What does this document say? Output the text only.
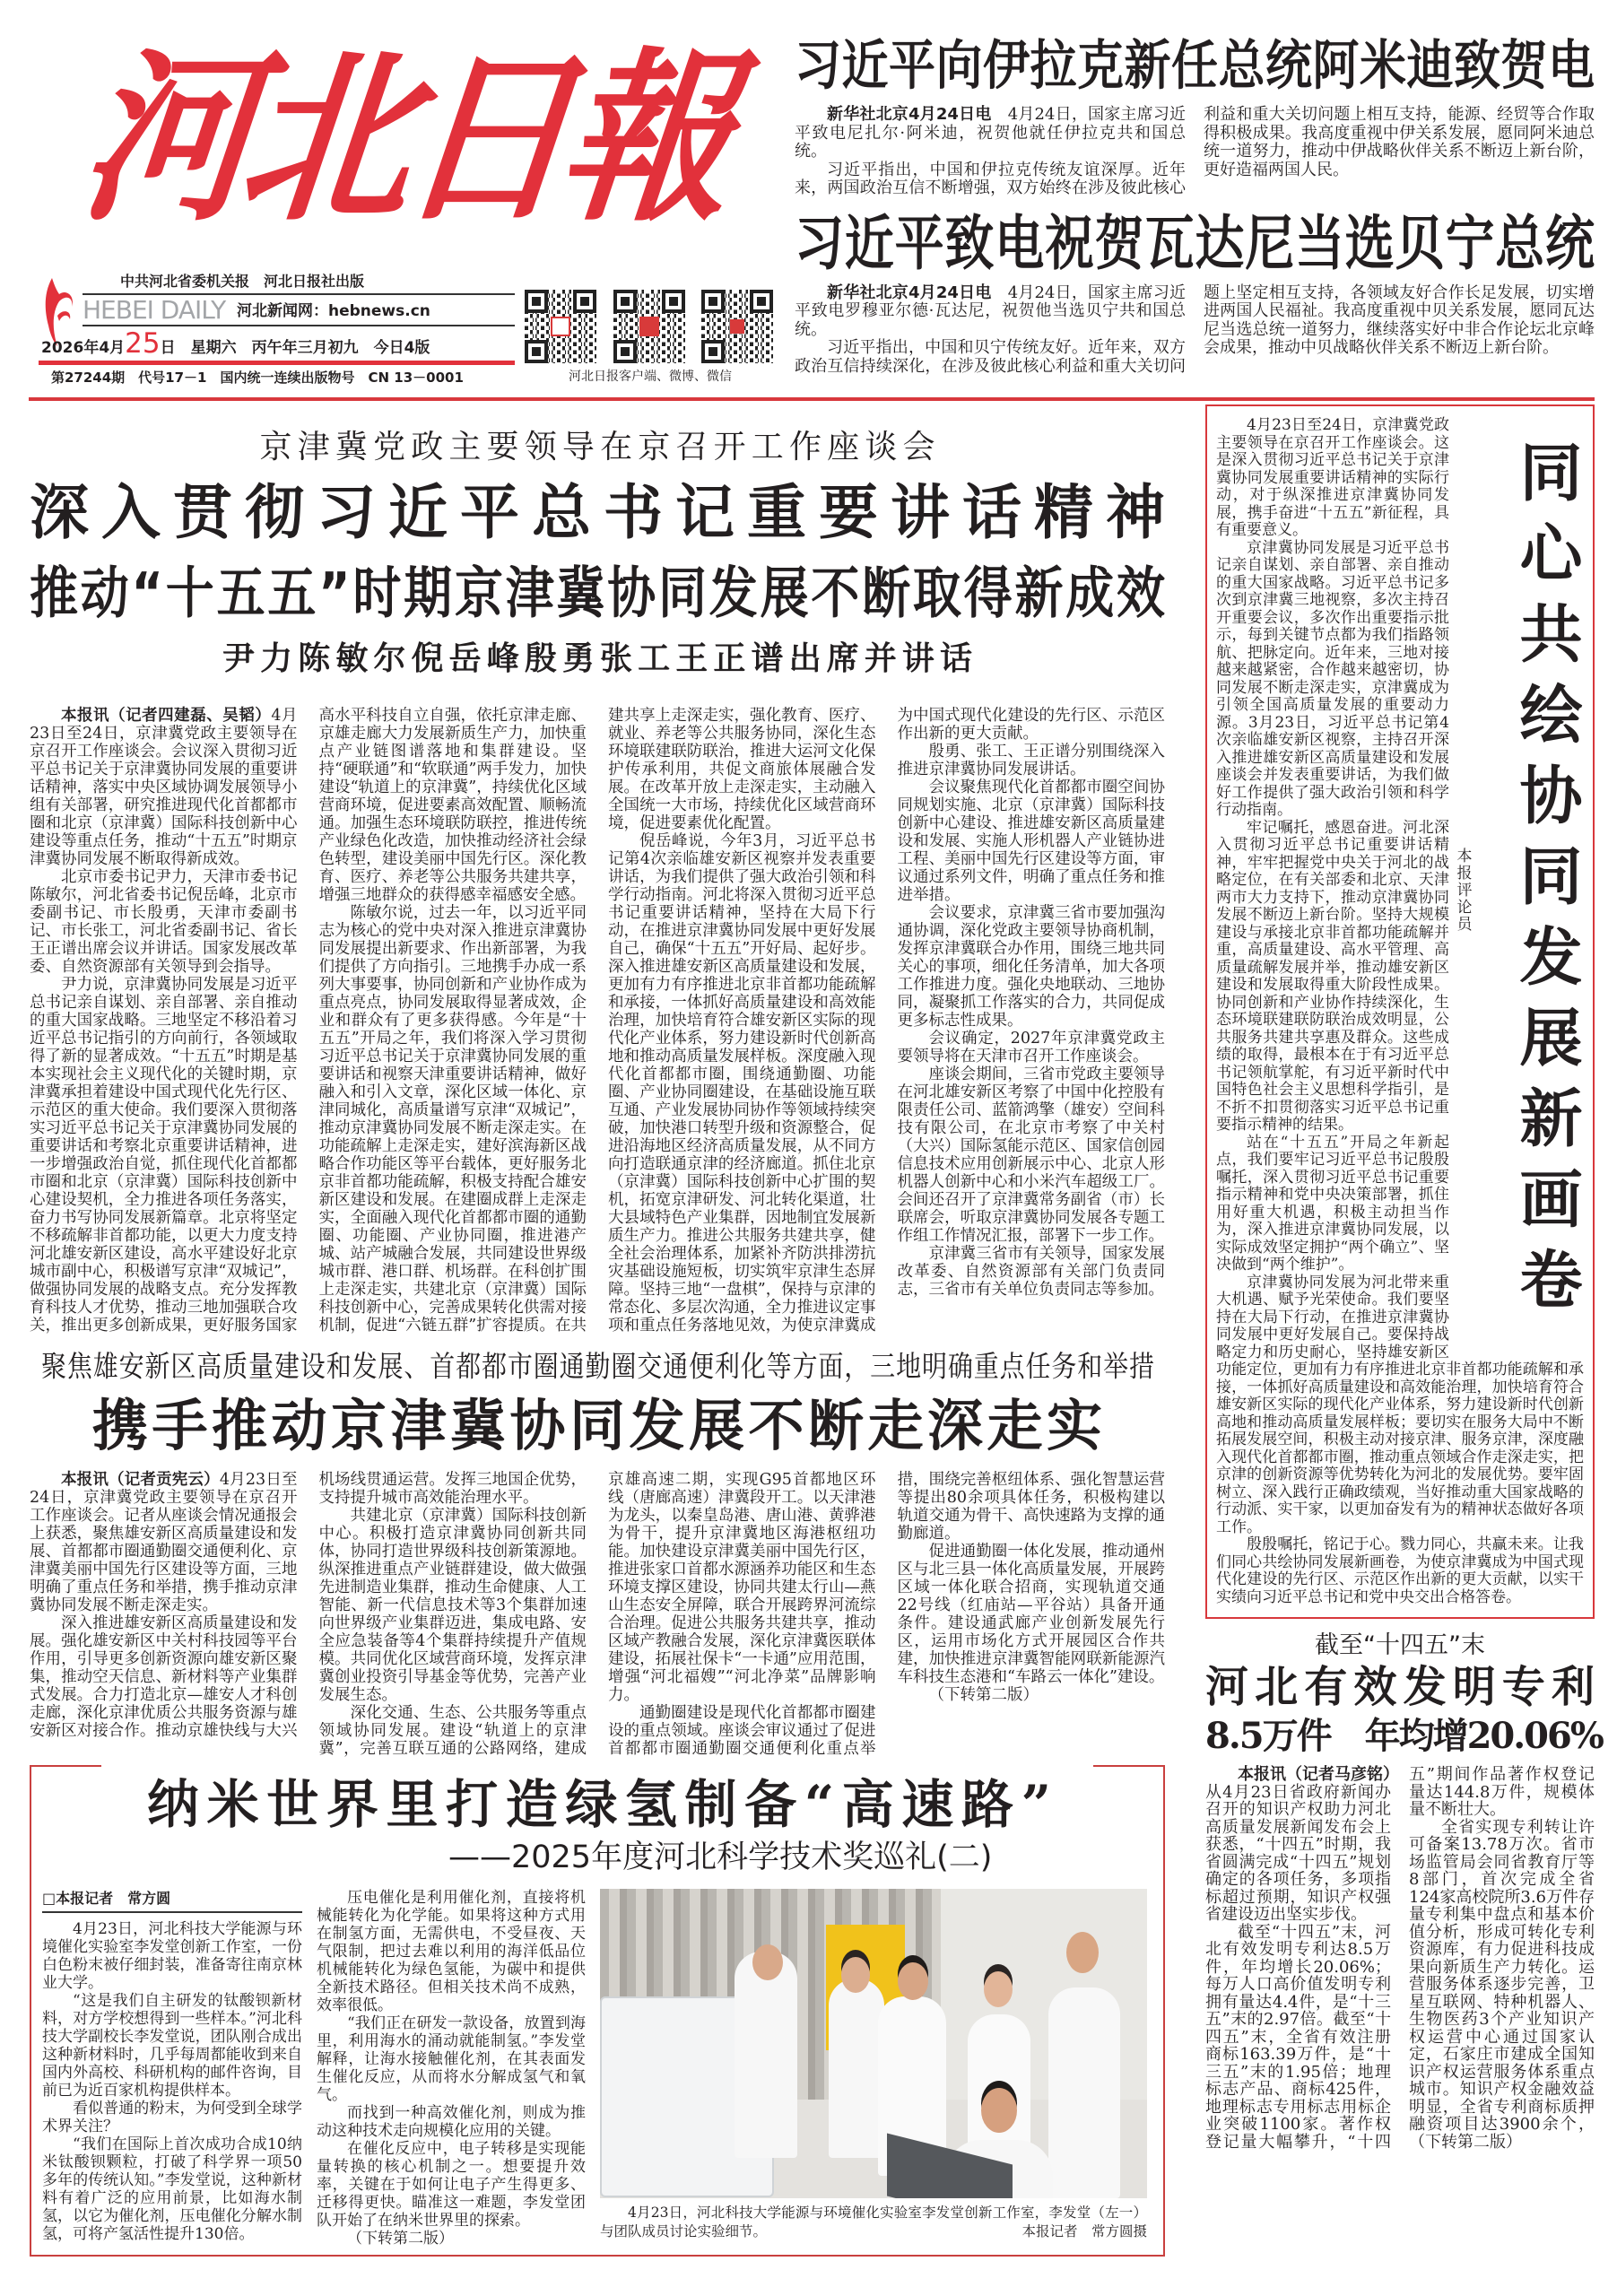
河北日報
中共河北省委机关报　河北日报社出版
HEBEI DAILY 河北新闻网：hebnews.cn
2026年4月25日　星期六　丙午年三月初九　今日4版
第27244期　代号17－1　国内统一连续出版物号　CN 13－0001	河北日报客户端、微博、微信
习近平向伊拉克新任总统阿米迪致贺电

新华社北京4月24日电　 4月24日，国家主席习近平致电尼扎尔·阿米迪，祝贺他就任伊拉克共和国总统。

习近平指出，中国和伊拉克传统友谊深厚。近年来，两国政治互信不断增强，双方始终在涉及彼此核心利益和重大关切问题上相互支持，能源、经贸等合作取得积极成果。我高度重视中伊关系发展，愿同阿米迪总统一道努力，推动中伊战略伙伴关系不断迈上新台阶，更好造福两国人民。

习近平致电祝贺瓦达尼当选贝宁总统

新华社北京4月24日电　 4月24日，国家主席习近平致电罗穆亚尔德·瓦达尼，祝贺他当选贝宁共和国总统。

习近平指出，中国和贝宁传统友好。近年来，双方政治互信持续深化，在涉及彼此核心利益和重大关切问题上坚定相互支持，各领域友好合作长足发展，切实增进两国人民福祉。我高度重视中贝关系发展，愿同瓦达尼当选总统一道努力，继续落实好中非合作论坛北京峰会成果，推动中贝战略伙伴关系不断迈上新台阶。

京津冀党政主要领导在京召开工作座谈会
深入贯彻习近平总书记重要讲话精神
推动“十五五”时期京津冀协同发展不断取得新成效
尹力陈敏尔倪岳峰殷勇张工王正谱出席并讲话

本报讯（记者四建磊、吴韬）4月23日至24日，京津冀党政主要领导在京召开工作座谈会。会议深入贯彻习近平总书记关于京津冀协同发展的重要讲话精神，落实中央区域协调发展领导小组有关部署，研究推进现代化首都都市圈和北京（京津冀）国际科技创新中心建设等重点任务，推动“十五五”时期京津冀协同发展不断取得新成效。

北京市委书记尹力，天津市委书记陈敏尔，河北省委书记倪岳峰，北京市委副书记、市长殷勇，天津市委副书记、市长张工，河北省委副书记、省长王正谱出席会议并讲话。国家发展改革委、自然资源部有关领导到会指导。

尹力说，京津冀协同发展是习近平总书记亲自谋划、亲自部署、亲自推动的重大国家战略。三地坚定不移沿着习近平总书记指引的方向前行，各领域取得了新的显著成效。“十五五”时期是基本实现社会主义现代化的关键时期，京津冀承担着建设中国式现代化先行区、示范区的重大使命。我们要深入贯彻落实习近平总书记关于京津冀协同发展的重要讲话和考察北京重要讲话精神，进一步增强政治自觉，抓住现代化首都都市圈和北京（京津冀）国际科技创新中心建设契机，全力推进各项任务落实，奋力书写协同发展新篇章。北京将坚定不移疏解非首都功能，以更大力度支持河北雄安新区建设，高水平建设好北京城市副中心，积极谱写京津“双城记”，做强协同发展的战略支点。充分发挥教育科技人才优势，推动三地加强联合攻关，推出更多创新成果，更好服务国家高水平科技自立自强，依托京津走廊、京雄走廊大力发展新质生产力，加快重点产业链图谱落地和集群建设。坚持“硬联通”和“软联通”两手发力，加快建设“轨道上的京津冀”，持续优化区域营商环境，促进要素高效配置、顺畅流通。加强生态环境联防联控，推进传统产业绿色化改造，加快推动经济社会绿色转型，建设美丽中国先行区。深化教育、医疗、养老等公共服务共建共享，增强三地群众的获得感幸福感安全感。

陈敏尔说，过去一年，以习近平同志为核心的党中央对深入推进京津冀协同发展提出新要求、作出新部署，为我们提供了方向指引。三地携手办成一系列大事要事，协同创新和产业协作成为重点亮点，协同发展取得显著成效，企业和群众有了更多获得感。今年是“十五五”开局之年，我们将深入学习贯彻习近平总书记关于京津冀协同发展的重要讲话和视察天津重要讲话精神，做好融入和引入文章，深化区域一体化、京津同城化，高质量谱写京津“双城记”，推动京津冀协同发展不断走深走实。在功能疏解上走深走实，建好滨海新区战略合作功能区等平台载体，更好服务北京非首都功能疏解，积极支持配合雄安新区建设和发展。在建圈成群上走深走实，全面融入现代化首都都市圈的通勤圈、功能圈、产业协同圈，推进港产城、站产城融合发展，共同建设世界级城市群、港口群、机场群。在科创扩围上走深走实，共建北京（京津冀）国际科技创新中心，完善成果转化供需对接机制，促进“六链五群”扩容提质。在共建共享上走深走实，强化教育、医疗、就业、养老等公共服务协同，深化生态环境联建联防联治，推进大运河文化保护传承利用，共促文商旅体展融合发展。在改革开放上走深走实，主动融入全国统一大市场，持续优化区域营商环境，促进要素优化配置。

倪岳峰说，今年3月，习近平总书记第4次亲临雄安新区视察并发表重要讲话，为我们提供了强大政治引领和科学行动指南。河北将深入贯彻习近平总书记重要讲话精神，坚持在大局下行动，在推进京津冀协同发展中更好发展自己，确保“十五五”开好局、起好步。深入推进雄安新区高质量建设和发展，更加有力有序推进北京非首都功能疏解和承接，一体抓好高质量建设和高效能治理，加快培育符合雄安新区实际的现代化产业体系，努力建设新时代创新高地和推动高质量发展样板。深度融入现代化首都都市圈，围绕通勤圈、功能圈、产业协同圈建设，在基础设施互联互通、产业发展协同协作等领域持续突破，加快港口转型升级和资源整合，促进沿海地区经济高质量发展，从不同方向打造联通京津的经济廊道。抓住北京（京津冀）国际科技创新中心扩围的契机，拓宽京津研发、河北转化渠道，壮大县域特色产业集群，因地制宜发展新质生产力。推进公共服务共建共享，健全社会治理体系，加紧补齐防洪排涝抗灾基础设施短板，切实筑牢京津生态屏障。坚持三地“一盘棋”，保持与京津的常态化、多层次沟通，全力推进议定事项和重点任务落地见效，为使京津冀成为中国式现代化建设的先行区、示范区作出新的更大贡献。

殷勇、张工、王正谱分别围绕深入推进京津冀协同发展讲话。

会议聚焦现代化首都都市圈空间协同规划实施、北京（京津冀）国际科技创新中心建设、推进雄安新区高质量建设和发展、实施人形机器人产业链协进工程、美丽中国先行区建设等方面，审议通过系列文件，明确了重点任务和推进举措。

会议要求，京津冀三省市要加强沟通协调，深化党政主要领导协商机制，发挥京津冀联合办作用，围绕三地共同关心的事项，细化任务清单，加大各项工作推进力度。强化央地联动、三地协同，凝聚抓工作落实的合力，共同促成更多标志性成果。

会议确定，2027年京津冀党政主要领导将在天津市召开工作座谈会。

座谈会期间，三省市党政主要领导在河北雄安新区考察了中国中化控股有限责任公司、蓝箭鸿擎（雄安）空间科技有限公司，在北京市考察了中关村（大兴）国际氢能示范区、国家信创园信息技术应用创新展示中心、北京人形机器人创新中心和小米汽车超级工厂。会间还召开了京津冀常务副省（市）长联席会，听取京津冀协同发展各专题工作组工作情况汇报，部署下一步工作。

京津冀三省市有关领导，国家发展改革委、自然资源部有关部门负责同志，三省市有关单位负责同志等参加。

聚焦雄安新区高质量建设和发展、首都都市圈通勤圈交通便利化等方面，三地明确重点任务和举措
携手推动京津冀协同发展不断走深走实

本报讯（记者贡宪云）4月23日至24日，京津冀党政主要领导在京召开工作座谈会。记者从座谈会情况通报会上获悉，聚焦雄安新区高质量建设和发展、首都都市圈通勤圈交通便利化、京津冀美丽中国先行区建设等方面，三地明确了重点任务和举措，携手推动京津冀协同发展不断走深走实。

深入推进雄安新区高质量建设和发展。强化雄安新区中关村科技园等平台作用，引导更多创新资源向雄安新区聚集，推动空天信息、新材料等产业集群式发展。合力打造北京—雄安人才科创走廊，深化京津优质公共服务资源与雄安新区对接合作。推动京雄快线与大兴机场线贯通运营。发挥三地国企优势，支持提升城市高效能治理水平。

共建北京（京津冀）国际科技创新中心。积极打造京津冀协同创新共同体，协同打造世界级科技创新策源地。纵深推进重点产业链群建设，做大做强先进制造业集群，推动生命健康、人工智能、新一代信息技术等3个集群加速向世界级产业集群迈进，集成电路、安全应急装备等4个集群持续提升产值规模。共同优化区域营商环境，发挥京津冀创业投资引导基金等优势，完善产业发展生态。

深化交通、生态、公共服务等重点领域协同发展。建设“轨道上的京津冀”，完善互联互通的公路网络，建成京雄高速二期，实现G95首都地区环线（唐廊高速）津冀段开工。以天津港为龙头，以秦皇岛港、唐山港、黄骅港为骨干，提升京津冀地区海港枢纽功能。加快建设京津冀美丽中国先行区，推进张家口首都水源涵养功能区和生态环境支撑区建设，协同共建太行山—燕山生态安全屏障，联合开展跨界河流综合治理。促进公共服务共建共享，推动区域产教融合发展，深化京津冀医联体建设，拓展社保卡“一卡通”应用范围，增强“河北福嫂”“河北净菜”品牌影响力。

通勤圈建设是现代化首都都市圈建设的重点领域。座谈会审议通过了促进首都都市圈通勤圈交通便利化重点举措，围绕完善枢纽体系、强化智慧运营等提出80余项具体任务，积极构建以轨道交通为骨干、高快速路为支撑的通勤廊道。

促进通勤圈一体化发展，推动通州区与北三县一体化高质量发展，开展跨区域一体化联合招商，实现轨道交通22号线（红庙站—平谷站）具备开通条件。建设通武廊产业创新发展先行区，运用市场化方式开展园区合作共建，加快推进京津冀智能网联新能源汽车科技生态港和“车路云一体化”建设。

（下转第二版）

纳米世界里打造绿氢制备“高速路”
——2025年度河北科学技术奖巡礼(二)
□本报记者　常方圆

4月23日，河北科技大学能源与环境催化实验室李发堂创新工作室，一份白色粉末被仔细封装，准备寄往南京林业大学。

“这是我们自主研发的钛酸钡新材料，对方学校想得到一些样本。”河北科技大学副校长李发堂说，团队刚合成出这种新材料时，几乎每周都能收到来自国内外高校、科研机构的邮件咨询，目前已为近百家机构提供样本。

看似普通的粉末，为何受到全球学术界关注？

“我们在国际上首次成功合成10纳米钛酸钡颗粒，打破了科学界一项50多年的传统认知。”李发堂说，这种新材料有着广泛的应用前景，比如海水制氢，以它为催化剂，压电催化分解水制氢，可将产氢活性提升130倍。

压电催化是利用催化剂，直接将机械能转化为化学能。如果将这种方式用在制氢方面，无需供电，不受昼夜、天气限制，把过去难以利用的海洋低品位机械能转化为绿色氢能，为碳中和提供全新技术路径。但相关技术尚不成熟，效率很低。

“我们正在研发一款设备，放置到海里，利用海水的涌动就能制氢。”李发堂解释，让海水接触催化剂，在其表面发生催化反应，从而将水分解成氢气和氧气。

而找到一种高效催化剂，则成为推动这种技术走向规模化应用的关键。

在催化反应中，电子转移是实现能量转换的核心机制之一。想要提升效率，关键在于如何让电子产生得更多、迁移得更快。瞄准这一难题，李发堂团队开始了在纳米世界里的探索。

（下转第二版）

4月23日，河北科技大学能源与环境催化实验室李发堂创新工作室，李发堂（左一）与团队成员讨论实验细节。	本报记者　常方圆摄

同心共绘协同发展新画卷
本报评论员

4月23日至24日，京津冀党政主要领导在京召开工作座谈会。这是深入贯彻习近平总书记关于京津冀协同发展重要讲话精神的实际行动，对于纵深推进京津冀协同发展，携手奋进“十五五”新征程，具有重要意义。

京津冀协同发展是习近平总书记亲自谋划、亲自部署、亲自推动的重大国家战略。习近平总书记多次到京津冀三地视察，多次主持召开重要会议，多次作出重要指示批示，每到关键节点都为我们指路领航、把脉定向。近年来，三地对接越来越紧密，合作越来越密切，协同发展不断走深走实，京津冀成为引领全国高质量发展的重要动力源。3月23日，习近平总书记第4次亲临雄安新区视察，主持召开深入推进雄安新区高质量建设和发展座谈会并发表重要讲话，为我们做好工作提供了强大政治引领和科学行动指南。

牢记嘱托，感恩奋进。河北深入贯彻习近平总书记重要讲话精神，牢牢把握党中央关于河北的战略定位，在有关部委和北京、天津两市大力支持下，推动京津冀协同发展不断迈上新台阶。坚持大规模建设与承接北京非首都功能疏解并重，高质量建设、高水平管理、高质量疏解发展并举，推动雄安新区建设和发展取得重大阶段性成果。协同创新和产业协作持续深化，生态环境联建联防联治成效明显，公共服务共建共享惠及群众。这些成绩的取得，最根本在于有习近平总书记领航掌舵，有习近平新时代中国特色社会主义思想科学指引，是不折不扣贯彻落实习近平总书记重要指示精神的结果。

站在“十五五”开局之年新起点，我们要牢记习近平总书记殷殷嘱托，深入贯彻习近平总书记重要指示精神和党中央决策部署，抓住用好重大机遇，积极主动担当作为，深入推进京津冀协同发展，以实际成效坚定拥护“两个确立”、坚决做到“两个维护”。

京津冀协同发展为河北带来重大机遇、赋予光荣使命。我们要坚持在大局下行动，在推进京津冀协同发展中更好发展自己。要保持战略定力和历史耐心，坚持雄安新区功能定位，更加有力有序推进北京非首都功能疏解和承接，一体抓好高质量建设和高效能治理，加快培育符合雄安新区实际的现代化产业体系，努力建设新时代创新高地和推动高质量发展样板；要切实在服务大局中不断拓展发展空间，积极主动对接京津、服务京津，深度融入现代化首都都市圈，推动重点领域合作走深走实，把京津的创新资源等优势转化为河北的发展优势。要牢固树立、深入践行正确政绩观，当好推动重大国家战略的行动派、实干家，以更加奋发有为的精神状态做好各项工作。

殷殷嘱托，铭记于心。戮力同心，共赢未来。让我们同心共绘协同发展新画卷，为使京津冀成为中国式现代化建设的先行区、示范区作出新的更大贡献，以实干实绩向习近平总书记和党中央交出合格答卷。

截至“十四五”末
河北有效发明专利
8.5万件　年均增20.06%

本报讯（记者马彦铭）从4月23日省政府新闻办召开的知识产权助力河北高质量发展新闻发布会上获悉，“十四五”时期，我省圆满完成“十四五”规划确定的各项任务，多项指标超过预期，知识产权强省建设迈出坚实步伐。

截至“十四五”末，河北有效发明专利达8.5万件，年均增长20.06%；每万人口高价值发明专利拥有量达4.4件，是“十三五”末的2.97倍。截至“十四五”末，全省有效注册商标163.39万件，是“十三五”末的1.95倍；地理标志产品、商标425件，地理标志专用标志用标企业突破1100家。著作权登记量大幅攀升，“十四五”期间作品著作权登记量达144.8万件，规模体量不断壮大。

全省实现专利转让许可备案13.78万次。省市场监管局会同省教育厅等8部门，首次完成全省124家高校院所3.6万件存量专利集中盘点和基本价值分析，形成可转化专利资源库，有力促进科技成果向新质生产力转化。运营服务体系逐步完善，卫星互联网、特种机器人、生物医药3个产业知识产权运营中心通过国家认定，石家庄市建成全国知识产权运营服务体系重点城市。知识产权金融效益明显，全省专利商标质押融资项目达3900余个，（下转第二版）
